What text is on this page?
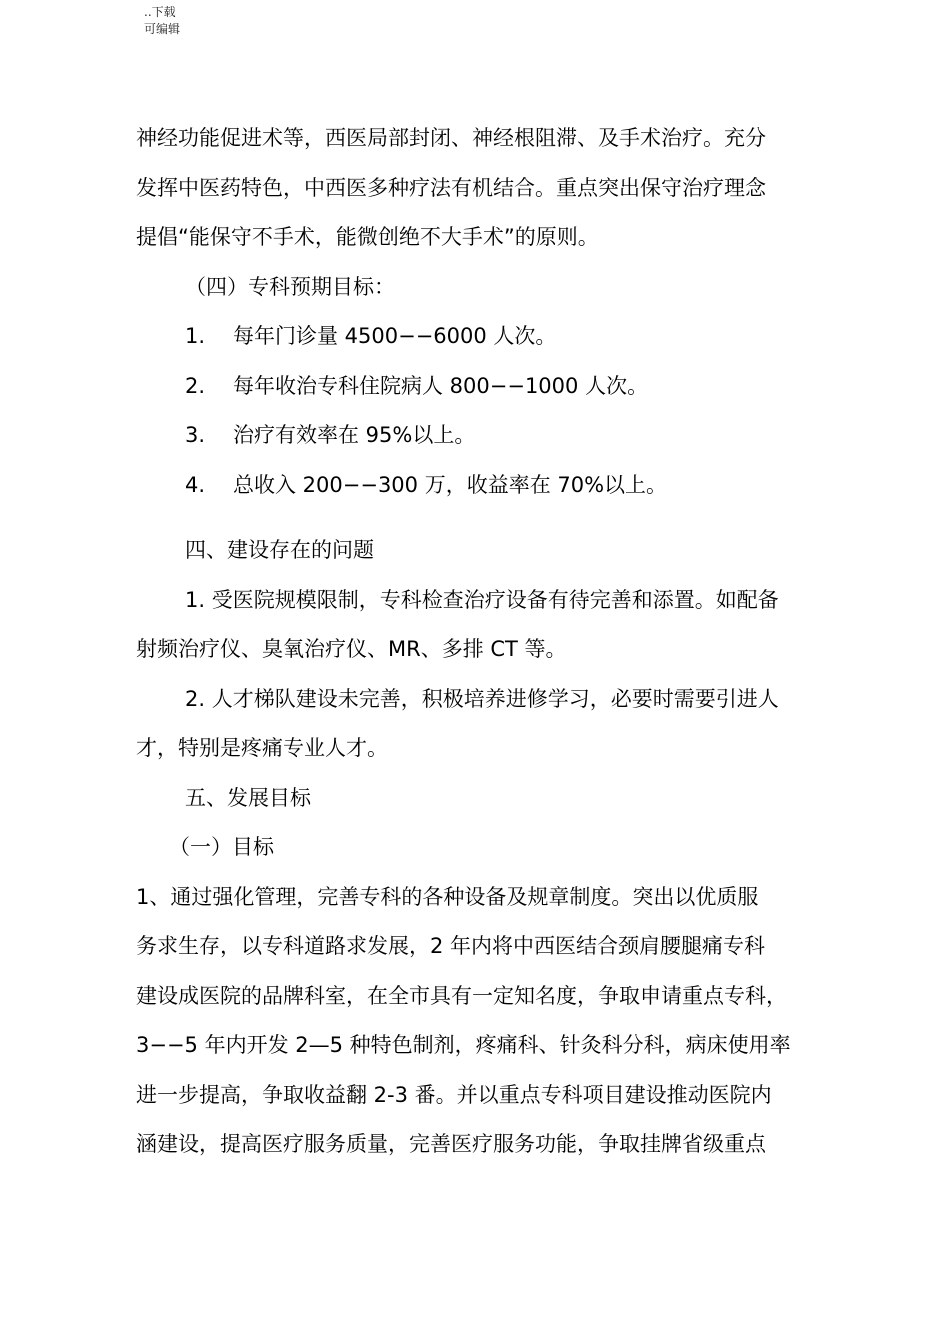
..下载
可编辑

神经功能促进术等，西医局部封闭、神经根阻滞、及手术治疗。充分

发挥中医药特色，中西医多种疗法有机结合。重点突出保守治疗理念

提倡“能保守不手术，能微创绝不大手术”的原则。

（四）专科预期目标：

1. 每年门诊量 4500−−6000 人次。

2. 每年收治专科住院病人 800−−1000 人次。

3. 治疗有效率在 95%以上。

4. 总收入 200−−300 万，收益率在 70%以上。

四、建设存在的问题

1. 受医院规模限制，专科检查治疗设备有待完善和添置。如配备

射频治疗仪、臭氧治疗仪、MR、多排 CT 等。

2. 人才梯队建设未完善，积极培养进修学习，必要时需要引进人

才，特别是疼痛专业人才。

五、发展目标

（一）目标

1、通过强化管理，完善专科的各种设备及规章制度。突出以优质服

务求生存，以专科道路求发展，2 年内将中西医结合颈肩腰腿痛专科

建设成医院的品牌科室，在全市具有一定知名度，争取申请重点专科，

3−−5 年内开发 2—5 种特色制剂，疼痛科、针灸科分科，病床使用率

进一步提高，争取收益翻 2-3 番。并以重点专科项目建设推动医院内

涵建设，提高医疗服务质量，完善医疗服务功能，争取挂牌省级重点
